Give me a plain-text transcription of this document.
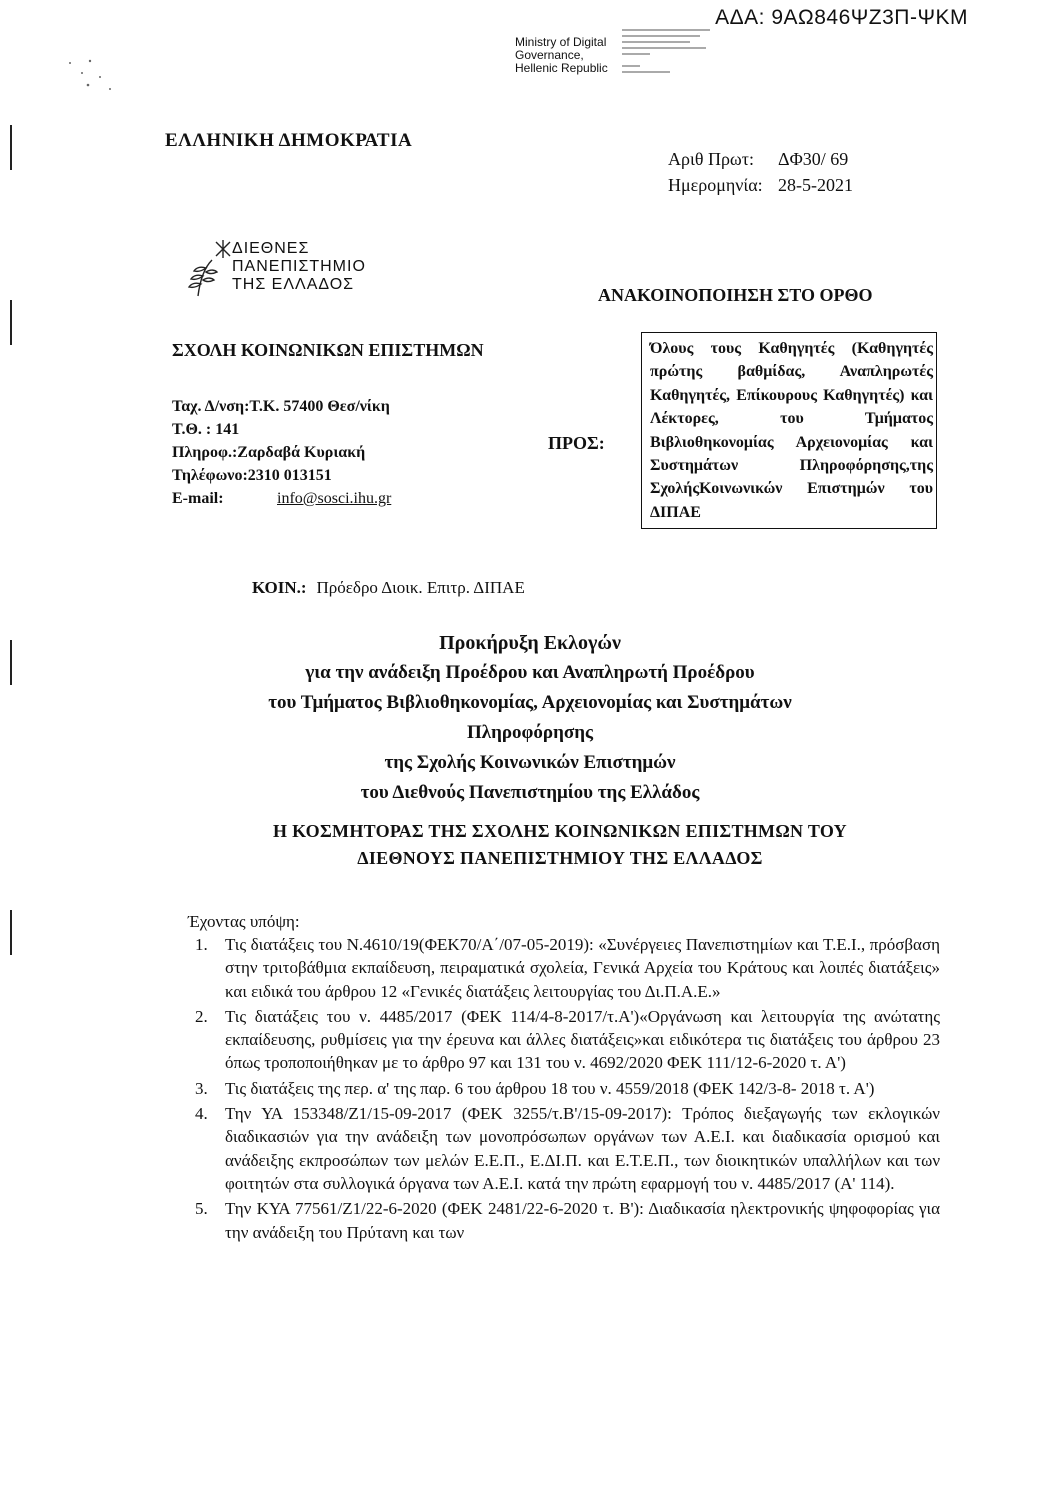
ΑΔΑ: 9ΑΩ846ΨΖ3Π-ΨΚΜ
Ministry of Digital
Governance,
Hellenic Republic
ΕΛΛΗΝΙΚΗ ΔΗΜΟΚΡΑΤΙΑ
Αριθ Πρωτ: ΔΦ30/ 69
Ημερομηνία: 28-5-2021
ΔΙΕΘΝΕΣ
ΠΑΝΕΠΙΣΤΗΜΙΟ
ΤΗΣ ΕΛΛΑΔΟΣ
ΑΝΑΚΟΙΝΟΠΟΙΗΣΗ ΣΤΟ ΟΡΘΟ
ΣΧΟΛΗ ΚΟΙΝΩΝΙΚΩΝ ΕΠΙΣΤΗΜΩΝ
Ταχ. Δ/νση:Τ.Κ. 57400 Θεσ/νίκη
Τ.Θ. : 141
Πληροφ.:Ζαρδαβά Κυριακή
Τηλέφωνο:2310 013151
E-mail:	info@sosci.ihu.gr
ΠΡΟΣ:
Όλους τους Καθηγητές (Καθηγητές πρώτης βαθμίδας, Αναπληρωτές Καθηγητές, Επίκουρους Καθηγητές) και Λέκτορες, του Τμήματος Βιβλιοθηκονομίας Αρχειονομίας και Συστημάτων Πληροφόρησης,της ΣχολήςΚοινωνικών Επιστημών του ΔΙΠΑΕ
ΚΟΙΝ.: Πρόεδρο Διοικ. Επιτρ. ΔΙΠΑΕ
Προκήρυξη Εκλογών
για την ανάδειξη Προέδρου και Αναπληρωτή Προέδρου
του Τμήματος Βιβλιοθηκονομίας, Αρχειονομίας και Συστημάτων
Πληροφόρησης
της Σχολής Κοινωνικών Επιστημών
του Διεθνούς Πανεπιστημίου της Ελλάδος
Η ΚΟΣΜΗΤΟΡΑΣ ΤΗΣ ΣΧΟΛΗΣ ΚΟΙΝΩΝΙΚΩΝ ΕΠΙΣΤΗΜΩΝ ΤΟΥ
ΔΙΕΘΝΟΥΣ ΠΑΝΕΠΙΣΤΗΜΙΟΥ ΤΗΣ ΕΛΛΑΔΟΣ
Έχοντας υπόψη:
1. Τις διατάξεις του Ν.4610/19(ΦΕΚ70/Α΄/07-05-2019): «Συνέργειες Πανεπιστημίων και Τ.Ε.Ι., πρόσβαση στην τριτοβάθμια εκπαίδευση, πειραματικά σχολεία, Γενικά Αρχεία του Κράτους και λοιπές διατάξεις» και ειδικά του άρθρου 12 «Γενικές διατάξεις λειτουργίας του Δι.Π.Α.Ε.»
2. Τις διατάξεις του ν. 4485/2017 (ΦΕΚ 114/4-8-2017/τ.Α')«Οργάνωση και λειτουργία της ανώτατης εκπαίδευσης, ρυθμίσεις για την έρευνα και άλλες διατάξεις»και ειδικότερα τις διατάξεις του άρθρου 23 όπως τροποποιήθηκαν με το άρθρο 97 και 131 του ν. 4692/2020 ΦΕΚ 111/12-6-2020 τ. Α')
3. Τις διατάξεις της περ. α' της παρ. 6 του άρθρου 18 του ν. 4559/2018 (ΦΕΚ 142/3-8- 2018 τ. Α')
4. Την ΥΑ 153348/Ζ1/15-09-2017 (ΦΕΚ 3255/τ.Β'/15-09-2017): Τρόπος διεξαγωγής των εκλογικών διαδικασιών για την ανάδειξη των μονοπρόσωπων οργάνων των Α.Ε.Ι. και διαδικασία ορισμού και ανάδειξης εκπροσώπων των μελών Ε.Ε.Π., Ε.ΔΙ.Π. και Ε.Τ.Ε.Π., των διοικητικών υπαλλήλων και των φοιτητών στα συλλογικά όργανα των Α.Ε.Ι. κατά την πρώτη εφαρμογή του ν. 4485/2017 (Α' 114).
5. Την ΚΥΑ 77561/Ζ1/22-6-2020 (ΦΕΚ 2481/22-6-2020 τ. Β'): Διαδικασία ηλεκτρονικής ψηφοφορίας για την ανάδειξη του Πρύτανη και των
